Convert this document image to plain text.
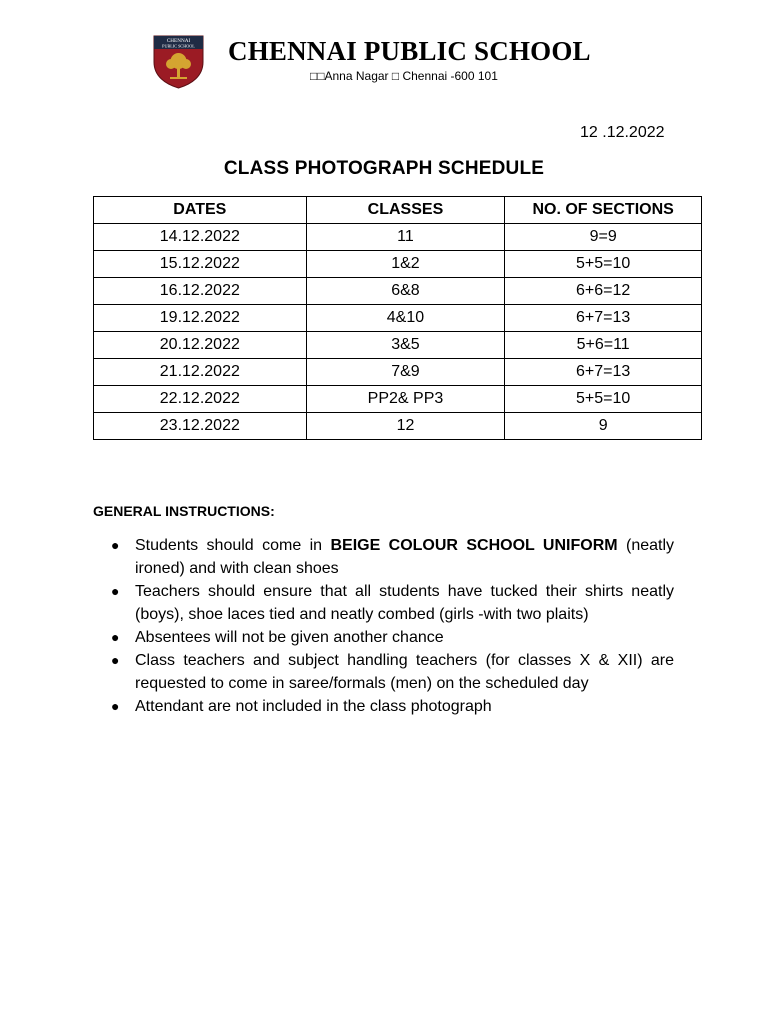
CHENNAI
PUBLIC SCHOOL CHENNAI PUBLIC SCHOOL
□□Anna Nagar □ Chennai -600 101
12 .12.2022
CLASS PHOTOGRAPH SCHEDULE
DATES	CLASSES	NO. OF SECTIONS
14.12.2022	11	9=9
15.12.2022	1&2	5+5=10
16.12.2022	6&8	6+6=12
19.12.2022	4&10	6+7=13
20.12.2022	3&5	5+6=11
21.12.2022	7&9	6+7=13
22.12.2022	PP2& PP3	5+5=10
23.12.2022	12	9
GENERAL INSTRUCTIONS:
● Students should come in BEIGE COLOUR SCHOOL UNIFORM (neatly ironed) and with clean shoes
● Teachers should ensure that all students have tucked their shirts neatly (boys), shoe laces tied and neatly combed (girls -with two plaits)
● Absentees will not be given another chance
● Class teachers and subject handling teachers (for classes X & XII) are requested to come in saree/formals (men) on the scheduled day
● Attendant are not included in the class photograph
